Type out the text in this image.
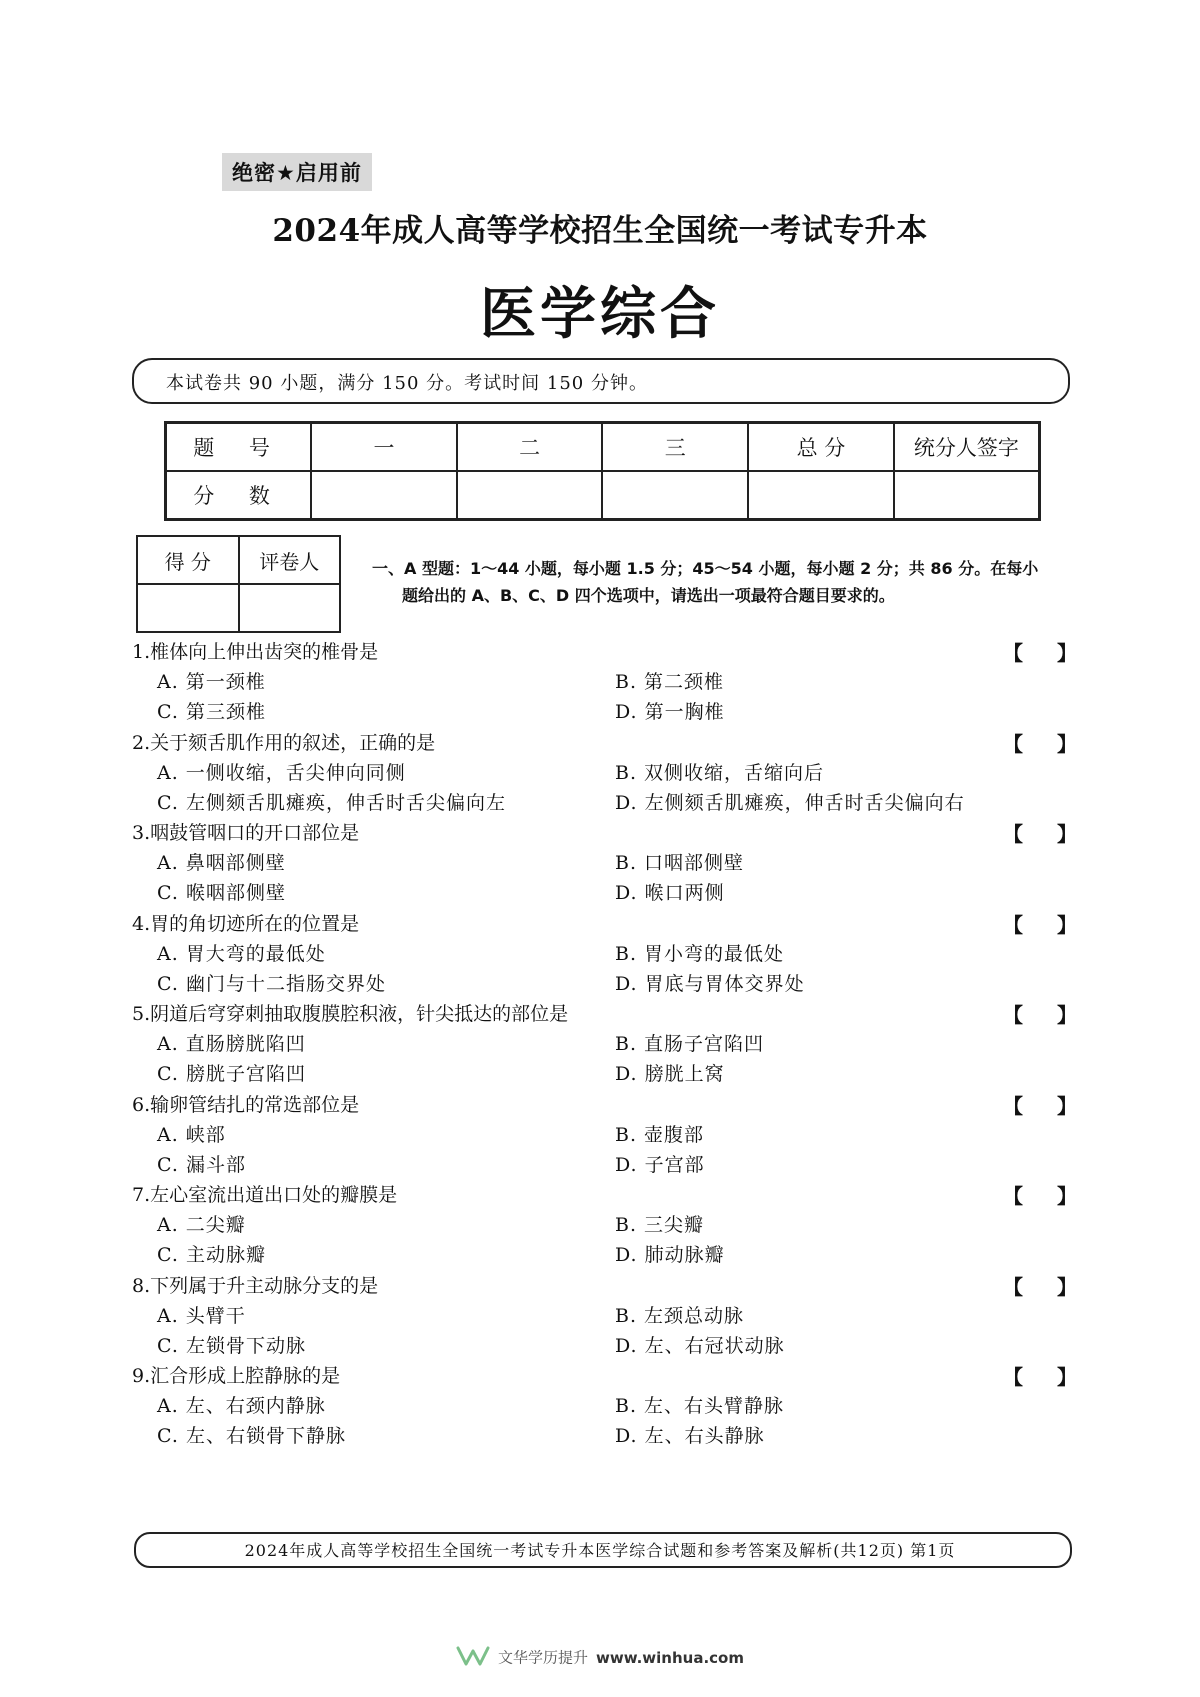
绝密★启用前
2024年成人高等学校招生全国统一考试专升本
医学综合
本试卷共 90 小题，满分 150 分。考试时间 150 分钟。
题 号	一	二	三	总 分	统分人签字
分 数					
得 分	评卷人
		一、A 型题：1～44 小题，每小题 1.5 分；45～54 小题，每小题 2 分；共 86 分。在每小
题给出的 A、B、C、D 四个选项中，请选出一项最符合题目要求的。
1.椎体向上伸出齿突的椎骨是	【 】
A. 第一颈椎	B. 第二颈椎
C. 第三颈椎	D. 第一胸椎
2.关于颏舌肌作用的叙述，正确的是	【 】
A. 一侧收缩，舌尖伸向同侧	B. 双侧收缩，舌缩向后
C. 左侧颏舌肌瘫痪，伸舌时舌尖偏向左	D. 左侧颏舌肌瘫痪，伸舌时舌尖偏向右
3.咽鼓管咽口的开口部位是	【 】
A. 鼻咽部侧壁	B. 口咽部侧壁
C. 喉咽部侧壁	D. 喉口两侧
4.胃的角切迹所在的位置是	【 】
A. 胃大弯的最低处	B. 胃小弯的最低处
C. 幽门与十二指肠交界处	D. 胃底与胃体交界处
5.阴道后穹穿刺抽取腹膜腔积液，针尖抵达的部位是	【 】
A. 直肠膀胱陷凹	B. 直肠子宫陷凹
C. 膀胱子宫陷凹	D. 膀胱上窝
6.输卵管结扎的常选部位是	【 】
A. 峡部	B. 壶腹部
C. 漏斗部	D. 子宫部
7.左心室流出道出口处的瓣膜是	【 】
A. 二尖瓣	B. 三尖瓣
C. 主动脉瓣	D. 肺动脉瓣
8.下列属于升主动脉分支的是	【 】
A. 头臂干	B. 左颈总动脉
C. 左锁骨下动脉	D. 左、右冠状动脉
9.汇合形成上腔静脉的是	【 】
A. 左、右颈内静脉	B. 左、右头臂静脉
C. 左、右锁骨下静脉	D. 左、右头静脉
2024年成人高等学校招生全国统一考试专升本医学综合试题和参考答案及解析(共12页) 第1页
文华学历提升 www.winhua.com
